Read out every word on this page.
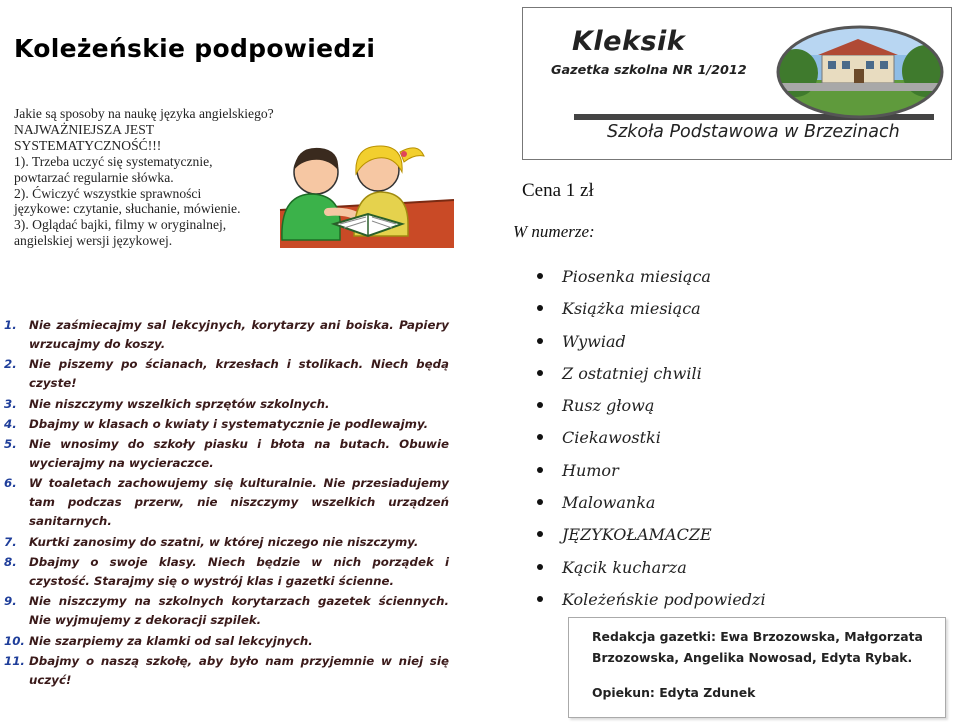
Koleżeńskie podpowiedzi
Jakie są sposoby na naukę języka angielskiego?
NAJWAŻNIEJSZA JEST
SYSTEMATYCZNOŚĆ!!!
1). Trzeba uczyć się systematycznie,
powtarzać regularnie słówka.
2). Ćwiczyć wszystkie sprawności
językowe: czytanie, słuchanie, mówienie.
3). Oglądać bajki, filmy w oryginalnej,
angielskiej wersji językowej.
1. Nie zaśmiecajmy sal lekcyjnych, korytarzy ani boiska. Papiery wrzucajmy do koszy.
2. Nie piszemy po ścianach, krzesłach i stolikach. Niech będą czyste!
3. Nie niszczymy wszelkich sprzętów szkolnych.
4. Dbajmy w klasach o kwiaty i systematycznie je podlewajmy.
5. Nie wnosimy do szkoły piasku i błota na butach. Obuwie wycierajmy na wycieraczce.
6. W toaletach zachowujemy się kulturalnie. Nie przesiadujemy tam podczas przerw, nie niszczymy wszelkich urządzeń sanitarnych.
7. Kurtki zanosimy do szatni, w której niczego nie niszczymy.
8. Dbajmy o swoje klasy. Niech będzie w nich porządek i czystość. Starajmy się o wystrój klas i gazetki ścienne.
9. Nie niszczymy na szkolnych korytarzach gazetek ściennych. Nie wyjmujemy z dekoracji szpilek.
10. Nie szarpiemy za klamki od sal lekcyjnych.
11. Dbajmy o naszą szkołę, aby było nam przyjemnie w niej się uczyć!
Kleksik
Gazetka szkolna NR 1/2012
Szkoła Podstawowa w Brzezinach
Cena 1 zł
W numerze:
Piosenka miesiąca
Książka miesiąca
Wywiad
Z ostatniej chwili
Rusz głową
Ciekawostki
Humor
Malowanka
JĘZYKOŁAMACZE
Kącik kucharza
Koleżeńskie podpowiedzi
Redakcja gazetki: Ewa Brzozowska, Małgorzata
Brzozowska, Angelika Nowosad, Edyta Rybak.
Opiekun: Edyta Zdunek
